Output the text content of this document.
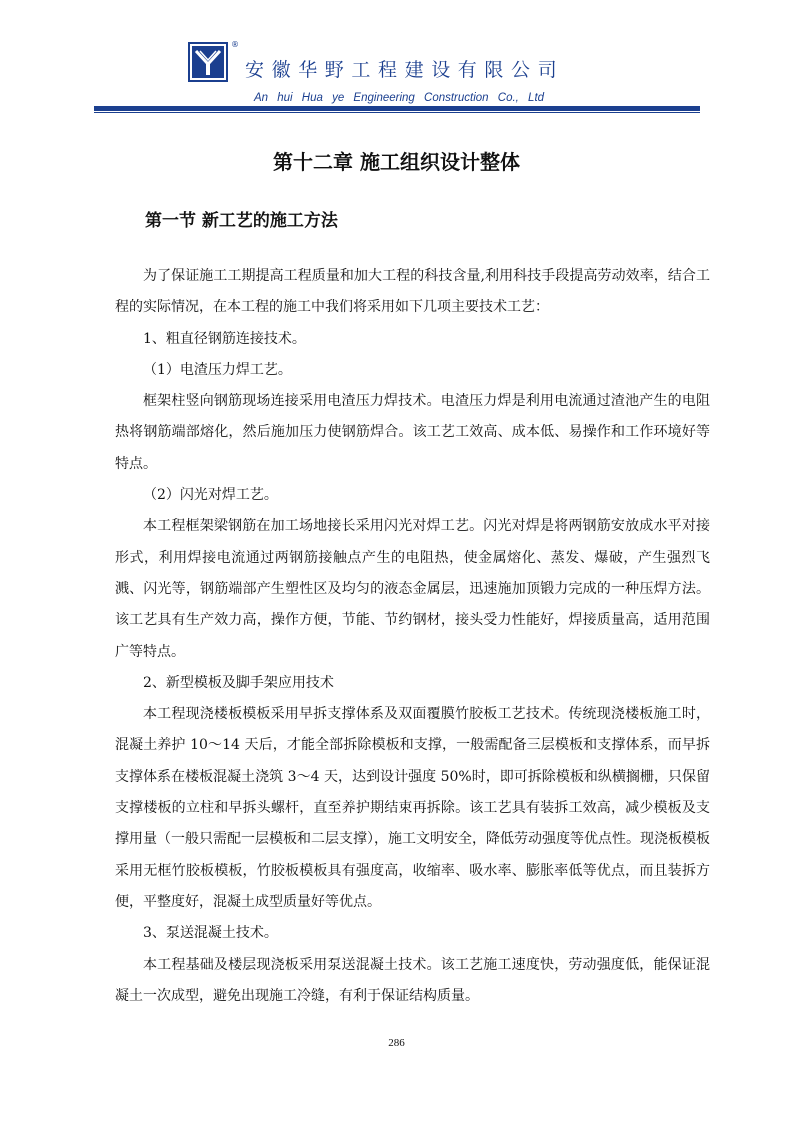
®
安徽华野工程建设有限公司
An hui Hua ye Engineering Construction Co., Ltd
第十二章 施工组织设计整体
第一节 新工艺的施工方法

为了保证施工工期提高工程质量和加大工程的科技含量,利用科技手段提高劳动效率，结合工程的实际情况，在本工程的施工中我们将采用如下几项主要技术工艺：

1、粗直径钢筋连接技术。

（1）电渣压力焊工艺。

框架柱竖向钢筋现场连接采用电渣压力焊技术。电渣压力焊是利用电流通过渣池产生的电阻热将钢筋端部熔化，然后施加压力使钢筋焊合。该工艺工效高、成本低、易操作和工作环境好等特点。

（2）闪光对焊工艺。

本工程框架梁钢筋在加工场地接长采用闪光对焊工艺。闪光对焊是将两钢筋安放成水平对接形式，利用焊接电流通过两钢筋接触点产生的电阻热，使金属熔化、蒸发、爆破，产生强烈飞溅、闪光等，钢筋端部产生塑性区及均匀的液态金属层，迅速施加顶锻力完成的一种压焊方法。该工艺具有生产效力高，操作方便，节能、节约钢材，接头受力性能好，焊接质量高，适用范围广等特点。

2、新型模板及脚手架应用技术

本工程现浇楼板模板采用早拆支撑体系及双面覆膜竹胶板工艺技术。传统现浇楼板施工时，混凝土养护 10～14 天后，才能全部拆除模板和支撑，一般需配备三层模板和支撑体系，而早拆支撑体系在楼板混凝土浇筑 3～4 天，达到设计强度 50%时，即可拆除模板和纵横搁栅，只保留支撑楼板的立柱和早拆头螺杆，直至养护期结束再拆除。该工艺具有装拆工效高，减少模板及支撑用量（一般只需配一层模板和二层支撑），施工文明安全，降低劳动强度等优点性。现浇板模板采用无框竹胶板模板，竹胶板模板具有强度高，收缩率、吸水率、膨胀率低等优点，而且装拆方便，平整度好，混凝土成型质量好等优点。

3、泵送混凝土技术。

本工程基础及楼层现浇板采用泵送混凝土技术。该工艺施工速度快，劳动强度低，能保证混凝土一次成型，避免出现施工冷缝，有利于保证结构质量。

286
